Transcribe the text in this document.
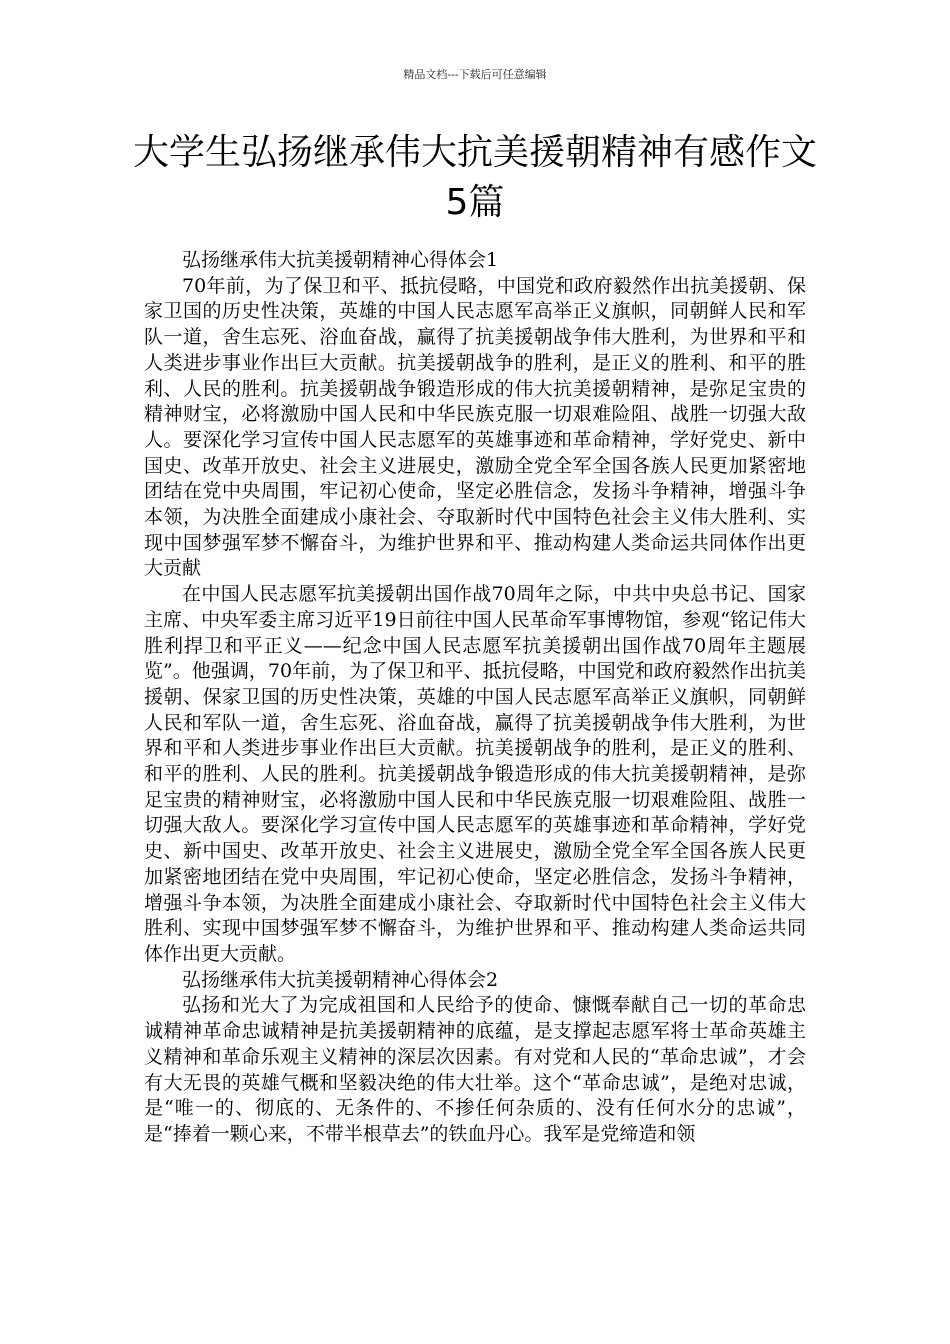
精品文档---下载后可任意编辑
大学生弘扬继承伟大抗美援朝精神有感作文5篇

弘扬继承伟大抗美援朝精神心得体会1

70年前，为了保卫和平、抵抗侵略，中国党和政府毅然作出抗美援朝、保家卫国的历史性决策，英雄的中国人民志愿军高举正义旗帜，同朝鲜人民和军队一道，舍生忘死、浴血奋战，赢得了抗美援朝战争伟大胜利，为世界和平和人类进步事业作出巨大贡献。抗美援朝战争的胜利，是正义的胜利、和平的胜利、人民的胜利。抗美援朝战争锻造形成的伟大抗美援朝精神，是弥足宝贵的精神财宝，必将激励中国人民和中华民族克服一切艰难险阻、战胜一切强大敌人。要深化学习宣传中国人民志愿军的英雄事迹和革命精神，学好党史、新中国史、改革开放史、社会主义进展史，激励全党全军全国各族人民更加紧密地团结在党中央周围，牢记初心使命，坚定必胜信念，发扬斗争精神，增强斗争本领，为决胜全面建成小康社会、夺取新时代中国特色社会主义伟大胜利、实现中国梦强军梦不懈奋斗，为维护世界和平、推动构建人类命运共同体作出更大贡献

在中国人民志愿军抗美援朝出国作战70周年之际，中共中央总书记、国家主席、中央军委主席习近平19日前往中国人民革命军事博物馆，参观“铭记伟大胜利捍卫和平正义——纪念中国人民志愿军抗美援朝出国作战70周年主题展览”。他强调，70年前，为了保卫和平、抵抗侵略，中国党和政府毅然作出抗美援朝、保家卫国的历史性决策，英雄的中国人民志愿军高举正义旗帜，同朝鲜人民和军队一道，舍生忘死、浴血奋战，赢得了抗美援朝战争伟大胜利，为世界和平和人类进步事业作出巨大贡献。抗美援朝战争的胜利，是正义的胜利、和平的胜利、人民的胜利。抗美援朝战争锻造形成的伟大抗美援朝精神，是弥足宝贵的精神财宝，必将激励中国人民和中华民族克服一切艰难险阻、战胜一切强大敌人。要深化学习宣传中国人民志愿军的英雄事迹和革命精神，学好党史、新中国史、改革开放史、社会主义进展史，激励全党全军全国各族人民更加紧密地团结在党中央周围，牢记初心使命，坚定必胜信念，发扬斗争精神，增强斗争本领，为决胜全面建成小康社会、夺取新时代中国特色社会主义伟大胜利、实现中国梦强军梦不懈奋斗，为维护世界和平、推动构建人类命运共同体作出更大贡献。

弘扬继承伟大抗美援朝精神心得体会2

弘扬和光大了为完成祖国和人民给予的使命、慷慨奉献自己一切的革命忠诚精神革命忠诚精神是抗美援朝精神的底蕴，是支撑起志愿军将士革命英雄主义精神和革命乐观主义精神的深层次因素。有对党和人民的“革命忠诚”，才会有大无畏的英雄气概和坚毅决绝的伟大壮举。这个“革命忠诚”，是绝对忠诚，是“唯一的、彻底的、无条件的、不掺任何杂质的、没有任何水分的忠诚”，是“捧着一颗心来，不带半根草去”的铁血丹心。我军是党缔造和领
